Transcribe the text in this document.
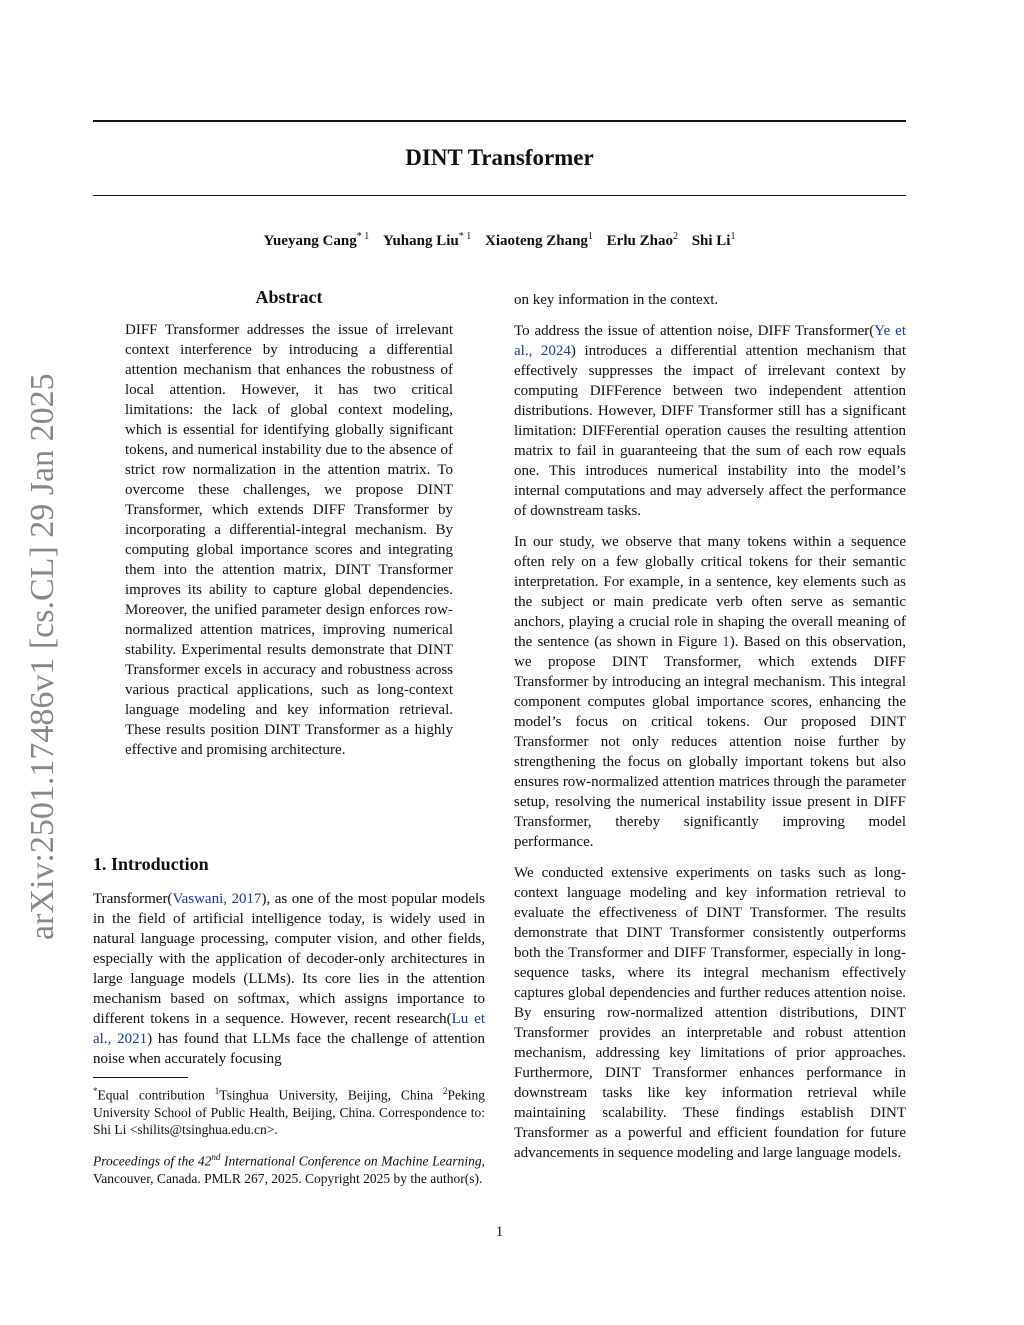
DINT Transformer
Yueyang Cang$^{* 1}$ Yuhang Liu$^{* 1}$ Xiaoteng Zhang$^1$ Erlu Zhao$^2$ Shi Li$^1$
arXiv:2501.17486v1 [cs.CL] 29 Jan 2025
Abstract

DIFF Transformer addresses the issue of irrelevant context interference by introducing a differential attention mechanism that enhances the robustness of local attention. However, it has two critical limitations: the lack of global context modeling, which is essential for identifying globally significant tokens, and numerical instability due to the absence of strict row normalization in the attention matrix. To overcome these challenges, we propose DINT Transformer, which extends DIFF Transformer by incorporating a differential-integral mechanism. By computing global importance scores and integrating them into the attention matrix, DINT Transformer improves its ability to capture global dependencies. Moreover, the unified parameter design enforces row-normalized attention matrices, improving numerical stability. Experimental results demonstrate that DINT Transformer excels in accuracy and robustness across various practical applications, such as long-context language modeling and key information retrieval. These results position DINT Transformer as a highly effective and promising architecture.

1. Introduction

Transformer(Vaswani, 2017), as one of the most popular models in the field of artificial intelligence today, is widely used in natural language processing, computer vision, and other fields, especially with the application of decoder-only architectures in large language models (LLMs). Its core lies in the attention mechanism based on softmax, which assigns importance to different tokens in a sequence. However, recent research(Lu et al., 2021) has found that LLMs face the challenge of attention noise when accurately focusing

*Equal contribution $^1$Tsinghua University, Beijing, China $^2$Peking University School of Public Health, Beijing, China. Correspondence to: Shi Li <shilits@tsinghua.edu.cn>.

Proceedings of the 42nd International Conference on Machine Learning, Vancouver, Canada. PMLR 267, 2025. Copyright 2025 by the author(s).

on key information in the context.

To address the issue of attention noise, DIFF Transformer(Ye et al., 2024) introduces a differential attention mechanism that effectively suppresses the impact of irrelevant context by computing DIFFerence between two independent attention distributions. However, DIFF Transformer still has a significant limitation: DIFFerential operation causes the resulting attention matrix to fail in guaranteeing that the sum of each row equals one. This introduces numerical instability into the model’s internal computations and may adversely affect the performance of downstream tasks.

In our study, we observe that many tokens within a sequence often rely on a few globally critical tokens for their semantic interpretation. For example, in a sentence, key elements such as the subject or main predicate verb often serve as semantic anchors, playing a crucial role in shaping the overall meaning of the sentence (as shown in Figure 1). Based on this observation, we propose DINT Transformer, which extends DIFF Transformer by introducing an integral mechanism. This integral component computes global importance scores, enhancing the model’s focus on critical tokens. Our proposed DINT Transformer not only reduces attention noise further by strengthening the focus on globally important tokens but also ensures row-normalized attention matrices through the parameter setup, resolving the numerical instability issue present in DIFF Transformer, thereby significantly improving model performance.

We conducted extensive experiments on tasks such as long-context language modeling and key information retrieval to evaluate the effectiveness of DINT Transformer. The results demonstrate that DINT Transformer consistently outperforms both the Transformer and DIFF Transformer, especially in long-sequence tasks, where its integral mechanism effectively captures global dependencies and further reduces attention noise. By ensuring row-normalized attention distributions, DINT Transformer provides an interpretable and robust attention mechanism, addressing key limitations of prior approaches. Furthermore, DINT Transformer enhances performance in downstream tasks like key information retrieval while maintaining scalability. These findings establish DINT Transformer as a powerful and efficient foundation for future advancements in sequence modeling and large language models.

1
